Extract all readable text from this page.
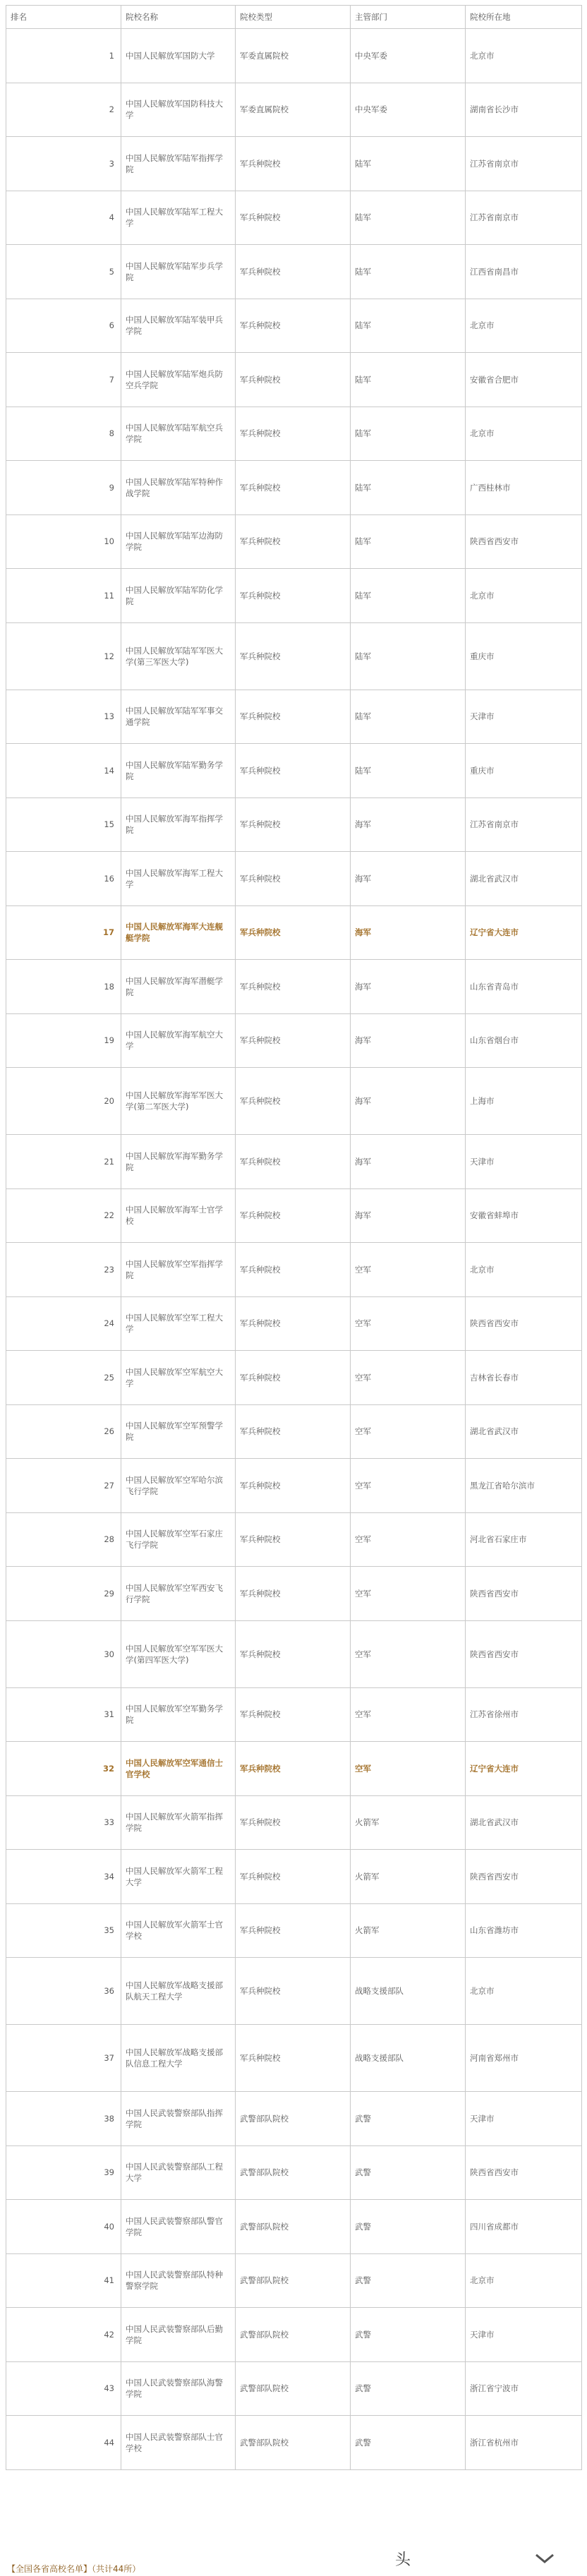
排名	院校名称	院校类型	主管部门	院校所在地
1	中国人民解放军国防大学	军委直属院校	中央军委	北京市
2	中国人民解放军国防科技大学	军委直属院校	中央军委	湖南省长沙市
3	中国人民解放军陆军指挥学院	军兵种院校	陆军	江苏省南京市
4	中国人民解放军陆军工程大学	军兵种院校	陆军	江苏省南京市
5	中国人民解放军陆军步兵学院	军兵种院校	陆军	江西省南昌市
6	中国人民解放军陆军装甲兵学院	军兵种院校	陆军	北京市
7	中国人民解放军陆军炮兵防空兵学院	军兵种院校	陆军	安徽省合肥市
8	中国人民解放军陆军航空兵学院	军兵种院校	陆军	北京市
9	中国人民解放军陆军特种作战学院	军兵种院校	陆军	广西桂林市
10	中国人民解放军陆军边海防学院	军兵种院校	陆军	陕西省西安市
11	中国人民解放军陆军防化学院	军兵种院校	陆军	北京市
12	中国人民解放军陆军军医大学(第三军医大学)	军兵种院校	陆军	重庆市
13	中国人民解放军陆军军事交通学院	军兵种院校	陆军	天津市
14	中国人民解放军陆军勤务学院	军兵种院校	陆军	重庆市
15	中国人民解放军海军指挥学院	军兵种院校	海军	江苏省南京市
16	中国人民解放军海军工程大学	军兵种院校	海军	湖北省武汉市
17	中国人民解放军海军大连舰艇学院	军兵种院校	海军	辽宁省大连市
18	中国人民解放军海军潜艇学院	军兵种院校	海军	山东省青岛市
19	中国人民解放军海军航空大学	军兵种院校	海军	山东省烟台市
20	中国人民解放军海军军医大学(第二军医大学)	军兵种院校	海军	上海市
21	中国人民解放军海军勤务学院	军兵种院校	海军	天津市
22	中国人民解放军海军士官学校	军兵种院校	海军	安徽省蚌埠市
23	中国人民解放军空军指挥学院	军兵种院校	空军	北京市
24	中国人民解放军空军工程大学	军兵种院校	空军	陕西省西安市
25	中国人民解放军空军航空大学	军兵种院校	空军	吉林省长春市
26	中国人民解放军空军预警学院	军兵种院校	空军	湖北省武汉市
27	中国人民解放军空军哈尔滨飞行学院	军兵种院校	空军	黑龙江省哈尔滨市
28	中国人民解放军空军石家庄飞行学院	军兵种院校	空军	河北省石家庄市
29	中国人民解放军空军西安飞行学院	军兵种院校	空军	陕西省西安市
30	中国人民解放军空军军医大学(第四军医大学)	军兵种院校	空军	陕西省西安市
31	中国人民解放军空军勤务学院	军兵种院校	空军	江苏省徐州市
32	中国人民解放军空军通信士官学校	军兵种院校	空军	辽宁省大连市
33	中国人民解放军火箭军指挥学院	军兵种院校	火箭军	湖北省武汉市
34	中国人民解放军火箭军工程大学	军兵种院校	火箭军	陕西省西安市
35	中国人民解放军火箭军士官学校	军兵种院校	火箭军	山东省潍坊市
36	中国人民解放军战略支援部队航天工程大学	军兵种院校	战略支援部队	北京市
37	中国人民解放军战略支援部队信息工程大学	军兵种院校	战略支援部队	河南省郑州市
38	中国人民武装警察部队指挥学院	武警部队院校	武警	天津市
39	中国人民武装警察部队工程大学	武警部队院校	武警	陕西省西安市
40	中国人民武装警察部队警官学院	武警部队院校	武警	四川省成都市
41	中国人民武装警察部队特种警察学院	武警部队院校	武警	北京市
42	中国人民武装警察部队后勤学院	武警部队院校	武警	天津市
43	中国人民武装警察部队海警学院	武警部队院校	武警	浙江省宁波市
44	中国人民武装警察部队士官学校	武警部队院校	武警	浙江省杭州市
头
【全国各省高校名单】（共计44所）
